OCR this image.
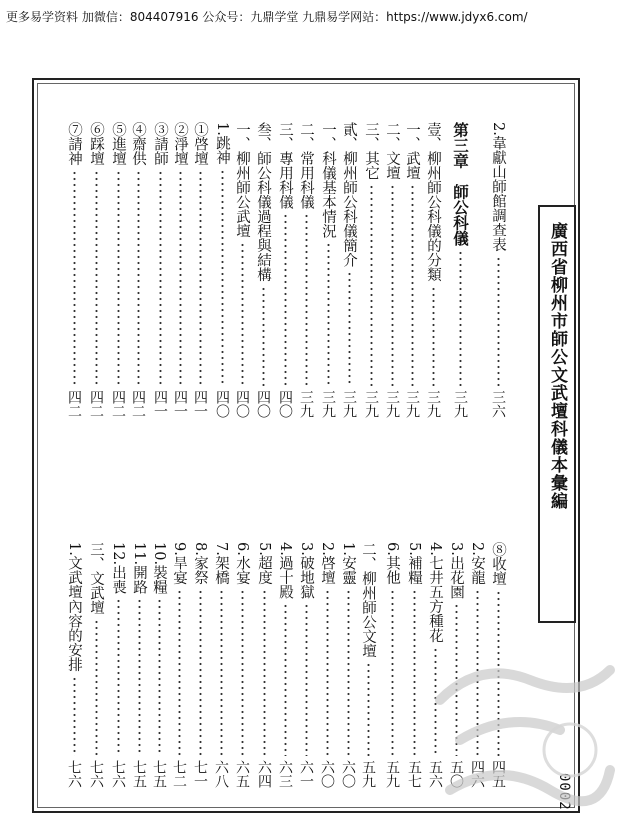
更多易学资料 加微信：804407916 公众号：九鼎学堂 九鼎易学网站：https://www.jdyx6.com/
廣西省柳州市師公文武壇科儀本彙編
2.韋獻山師館調查表
三六
第三章　師公科儀
三九
壹、柳州師公科儀的分類
三九
一、武壇
三九
二、文壇
三九
三、其它
三九
貳、柳州師公科儀簡介
三九
一、科儀基本情況
三九
二、常用科儀
三九
三、專用科儀
四〇
叁、師公科儀過程與結構
四〇
一、柳州師公武壇
四〇
1.跳神
四〇
①啓壇
四一
②淨壇
四一
③請師
四一
④齋供
四二
⑤進壇
四二
⑥踩壇
四二
⑦請神
四二
⑧收壇
四五
2.安龍
四六
3.出花園
五〇
4.七井五方種花
五六
5.補糧
五七
6.其他
五九
二、柳州師公文壇
五九
1.安靈
六〇
2.啓壇
六〇
3.破地獄
六一
4.過十殿
六三
5.超度
六四
6.水宴
六五
7.架橋
六八
8.家祭
七一
9.旱宴
七二
10.裝糧
七五
11.開路
七五
12.出喪
七六
三、文武壇
七六
1.文武壇內容的安排
七六	0002
